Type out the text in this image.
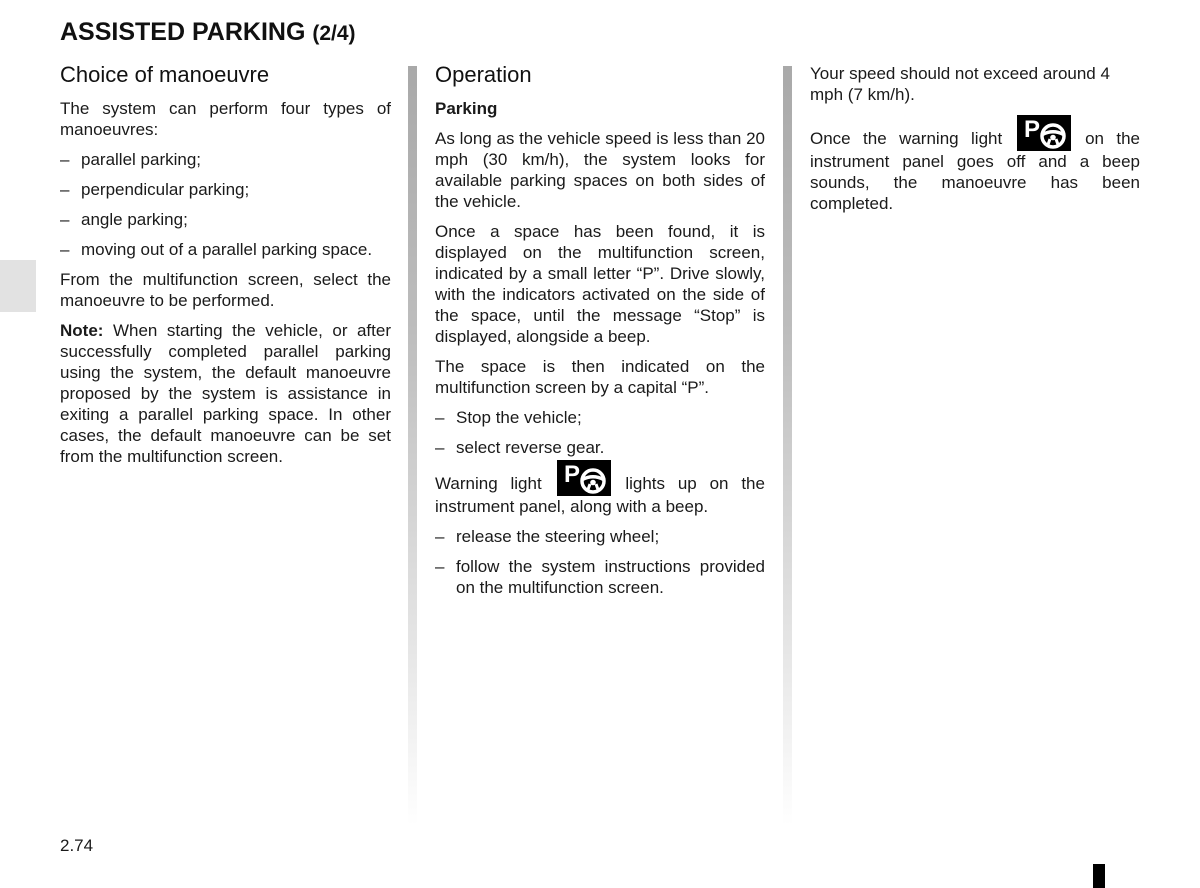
ASSISTED PARKING (2/4)
Choice of manoeuvre

The system can perform four types of manoeuvres:

– parallel parking;
– perpendicular parking;
– angle parking;
– moving out of a parallel parking space.

From the multifunction screen, select the manoeuvre to be performed.

Note: When starting the vehicle, or after successfully completed parallel parking using the system, the default manoeuvre proposed by the system is assistance in exiting a parallel parking space. In other cases, the default manoeuvre can be set from the multifunction screen.

Operation
Parking

As long as the vehicle speed is less than 20 mph (30 km/h), the system looks for available parking spaces on both sides of the vehicle.

Once a space has been found, it is displayed on the multifunction screen, indicated by a small letter “P”. Drive slowly, with the indicators activated on the side of the space, until the message “Stop” is displayed, alongside a beep.

The space is then indicated on the multifunction screen by a capital “P”.

– Stop the vehicle;
– select reverse gear.

Warning light P	lights up on the instrument panel, along with a beep.

– release the steering wheel;
– follow the system instructions provided on the multifunction screen.

Your speed should not exceed around 4 mph (7 km/h).

Once the warning light P	on the instrument panel goes off and a beep sounds, the manoeuvre has been completed.

2.74
